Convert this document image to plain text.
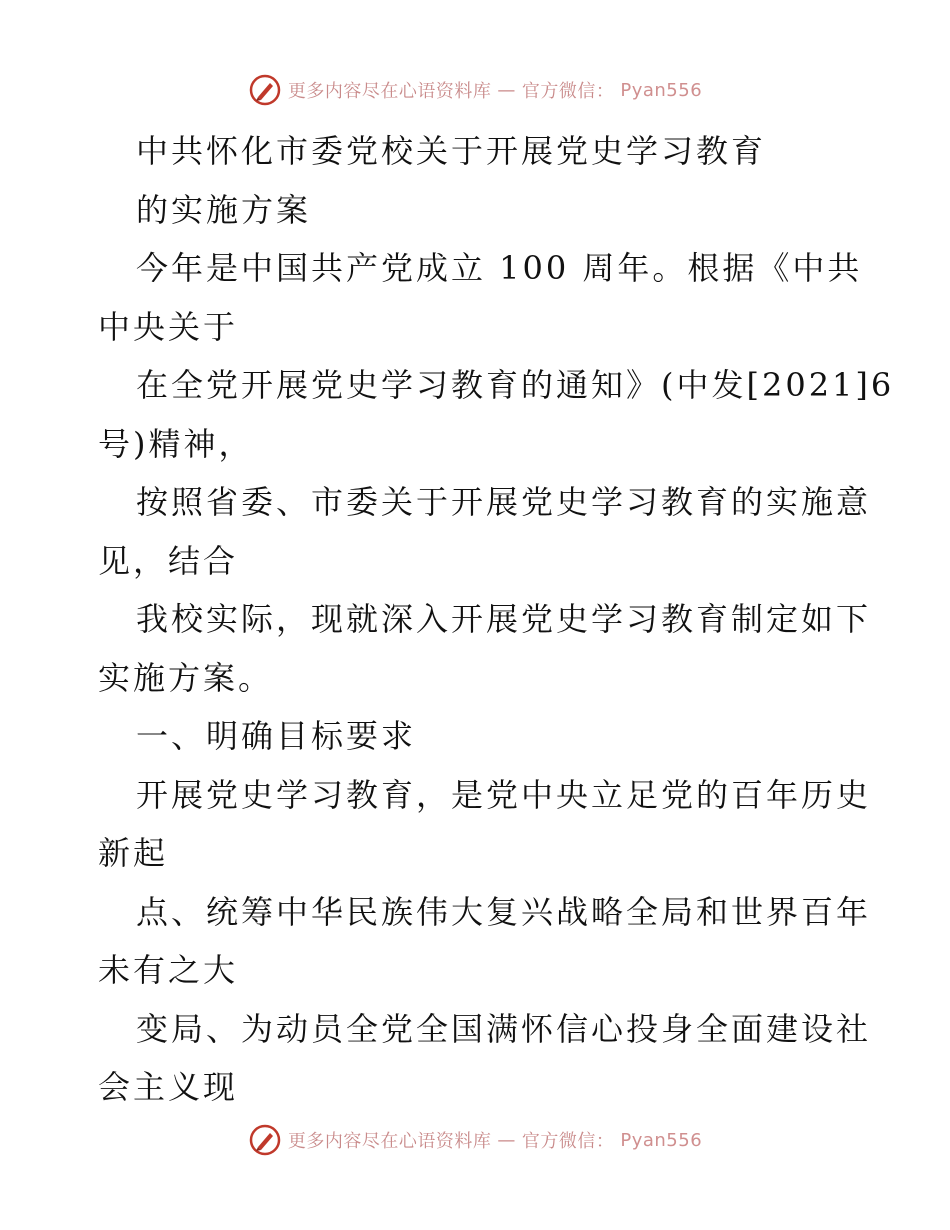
更多内容尽在心语资料库 — 官方微信： Pyan556
中共怀化市委党校关于开展党史学习教育
的实施方案
今年是中国共产党成立 100 周年。根据《中共
中央关于
在全党开展党史学习教育的通知》(中发[2021]6
号)精神，
按照省委、市委关于开展党史学习教育的实施意
见，结合
我校实际，现就深入开展党史学习教育制定如下
实施方案。
一、明确目标要求
开展党史学习教育，是党中央立足党的百年历史
新起
点、统筹中华民族伟大复兴战略全局和世界百年
未有之大
变局、为动员全党全国满怀信心投身全面建设社
会主义现
更多内容尽在心语资料库 — 官方微信： Pyan556
